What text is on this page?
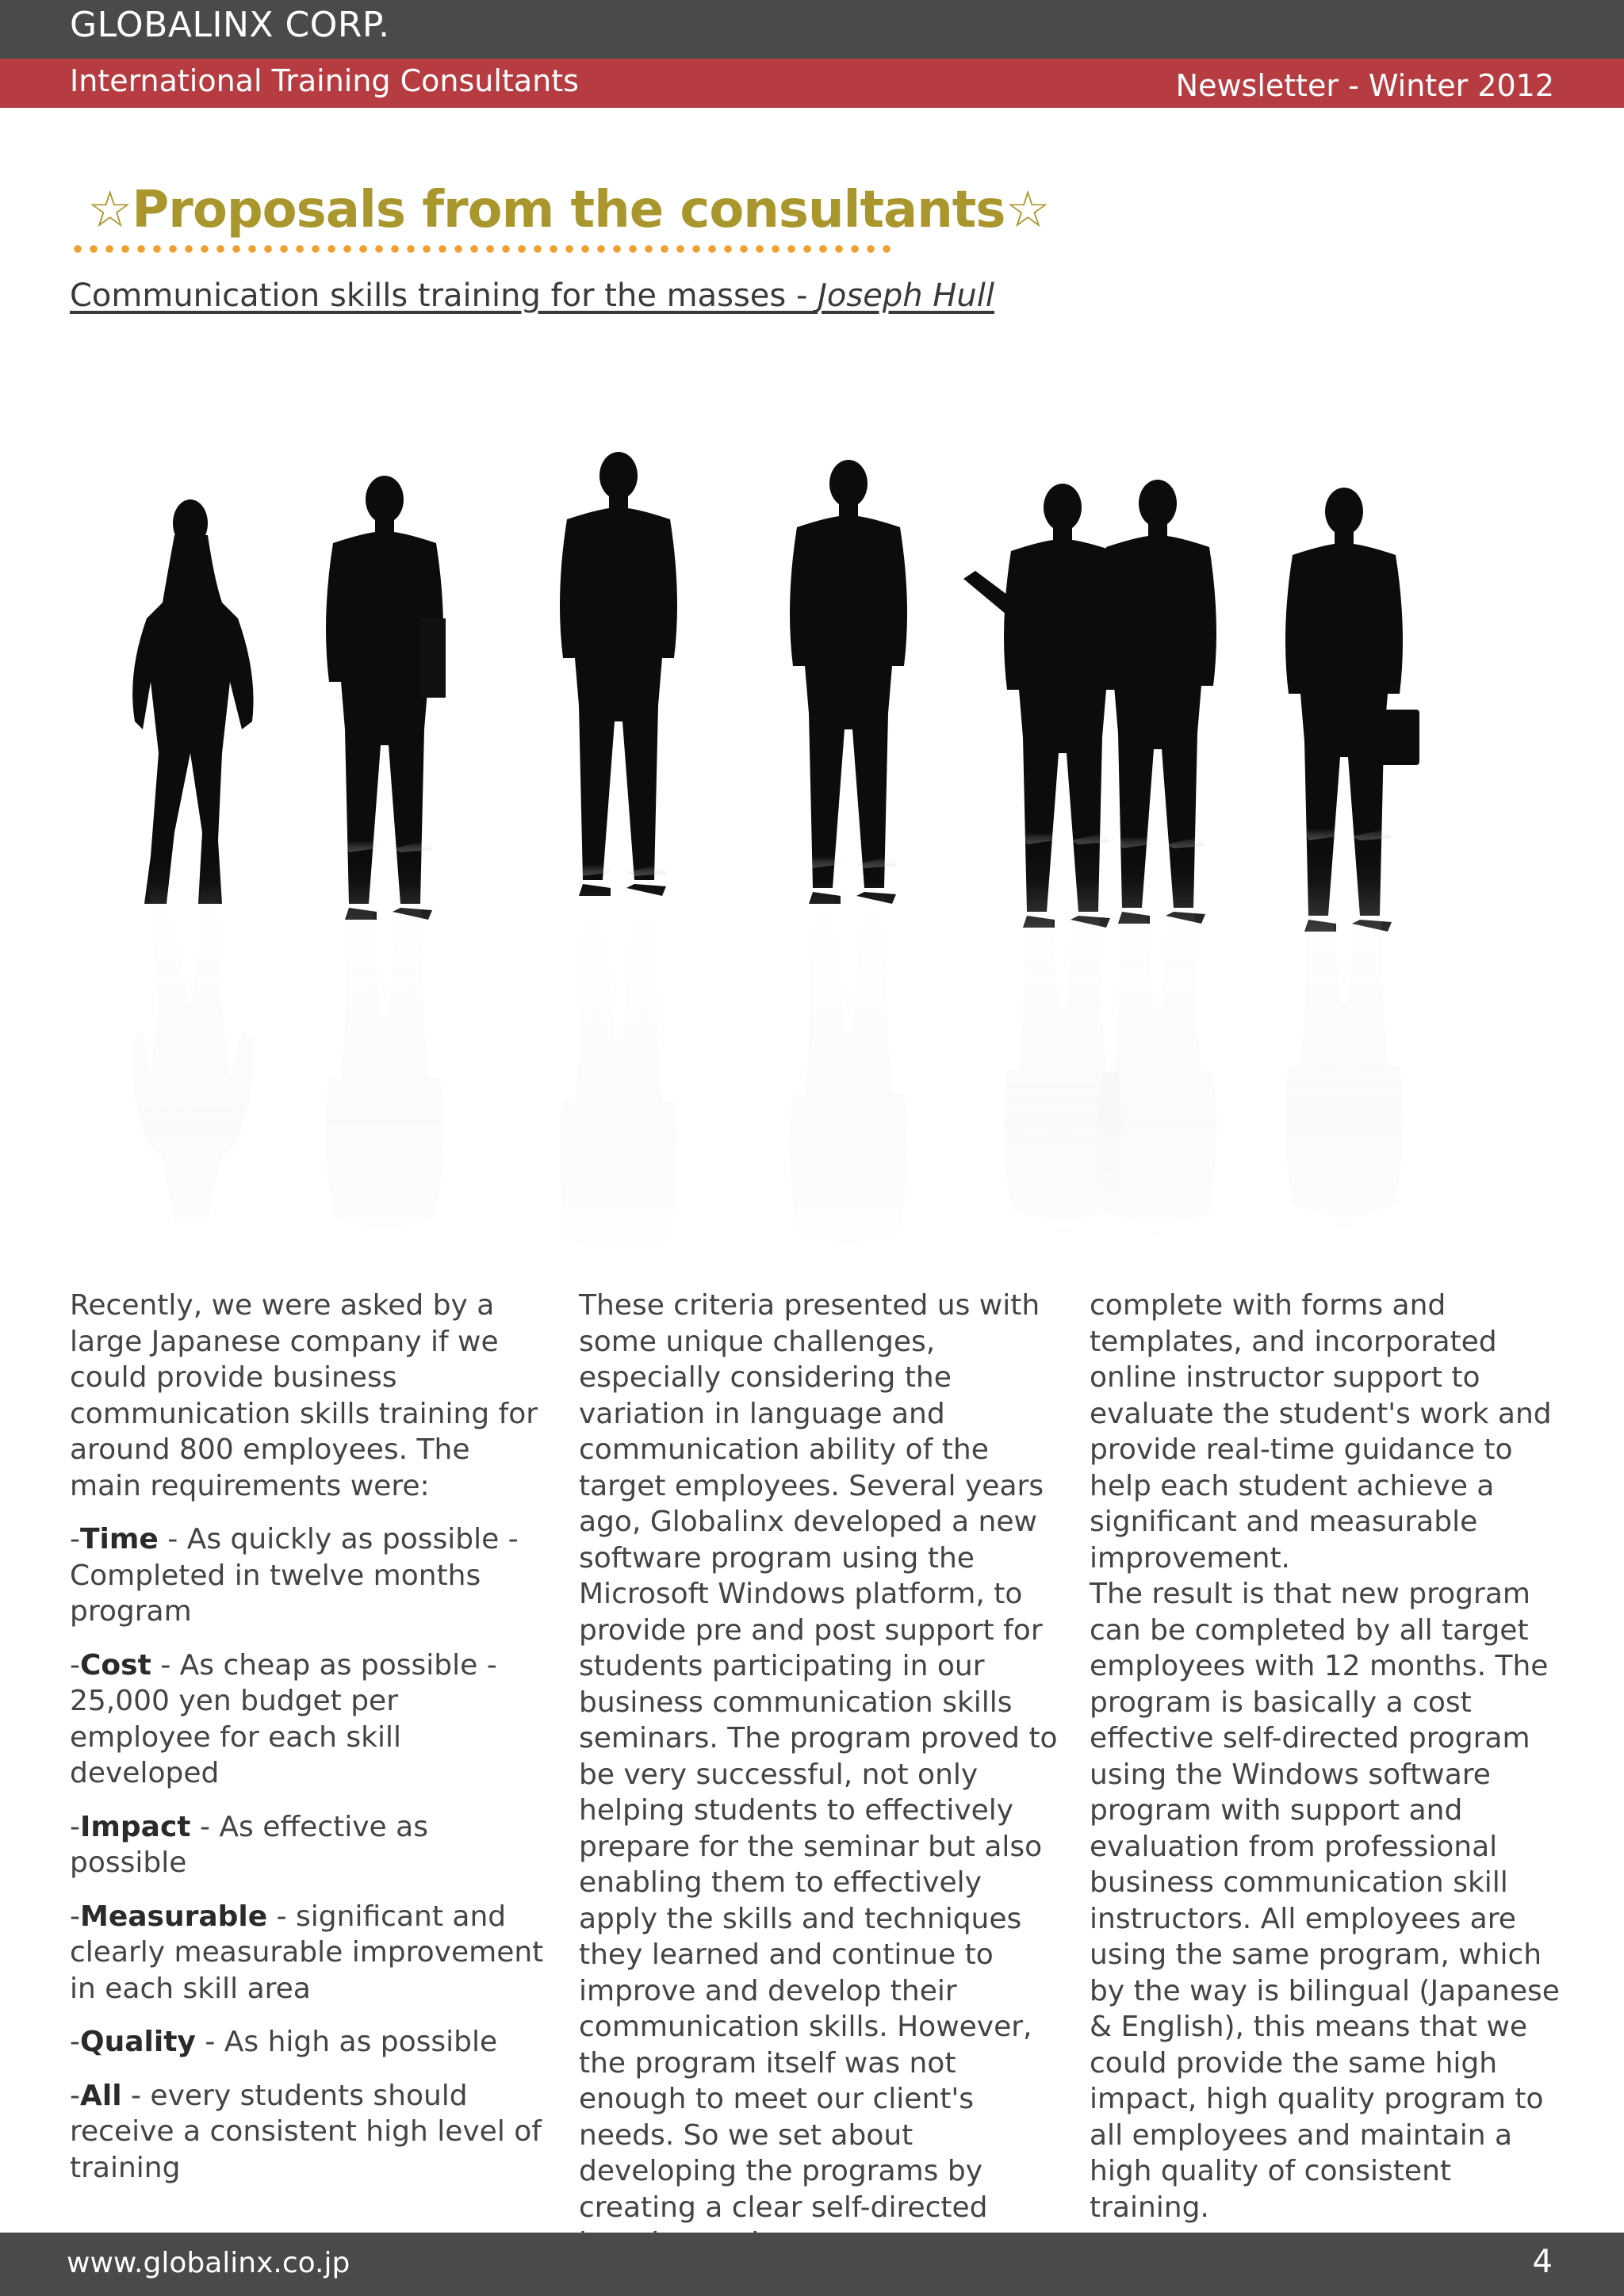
GLOBALINX CORP.
International Training Consultants	Newsletter - Winter 2012
☆Proposals from the consultants☆
Communication skills training for the masses - Joseph Hull

Recently, we were asked by a large Japanese company if we could provide business communication skills training for around 800 employees. The main requirements were:

-Time - As quickly as possible - Completed in twelve months program
-Cost - As cheap as possible - 25,000 yen budget per employee for each skill developed
-Impact - As effective as possible
-Measurable - significant and clearly measurable improvement in each skill area
-Quality - As high as possible
-All - every students should receive a consistent high level of training

These criteria presented us with some unique challenges, especially considering the variation in language and communication ability of the target employees. Several years ago, Globalinx developed a new software program using the Microsoft Windows platform, to provide pre and post support for students participating in our business communication skills seminars. The program proved to be very successful, not only helping students to effectively prepare for the seminar but also enabling them to effectively apply the skills and techniques they learned and continue to improve and develop their communication skills. However, the program itself was not enough to meet our client's needs. So we set about developing the programs by creating a clear self-directed

complete with forms and templates, and incorporated online instructor support to evaluate the student's work and provide real-time guidance to help each student achieve a significant and measurable improvement.

The result is that new program can be completed by all target employees with 12 months. The program is basically a cost effective self-directed program using the Windows software program with support and evaluation from professional business communication skill instructors. All employees are using the same program, which by the way is bilingual (Japanese & English), this means that we could provide the same high impact, high quality program to all employees and maintain a high quality of consistent training.

www.globalinx.co.jp	4
